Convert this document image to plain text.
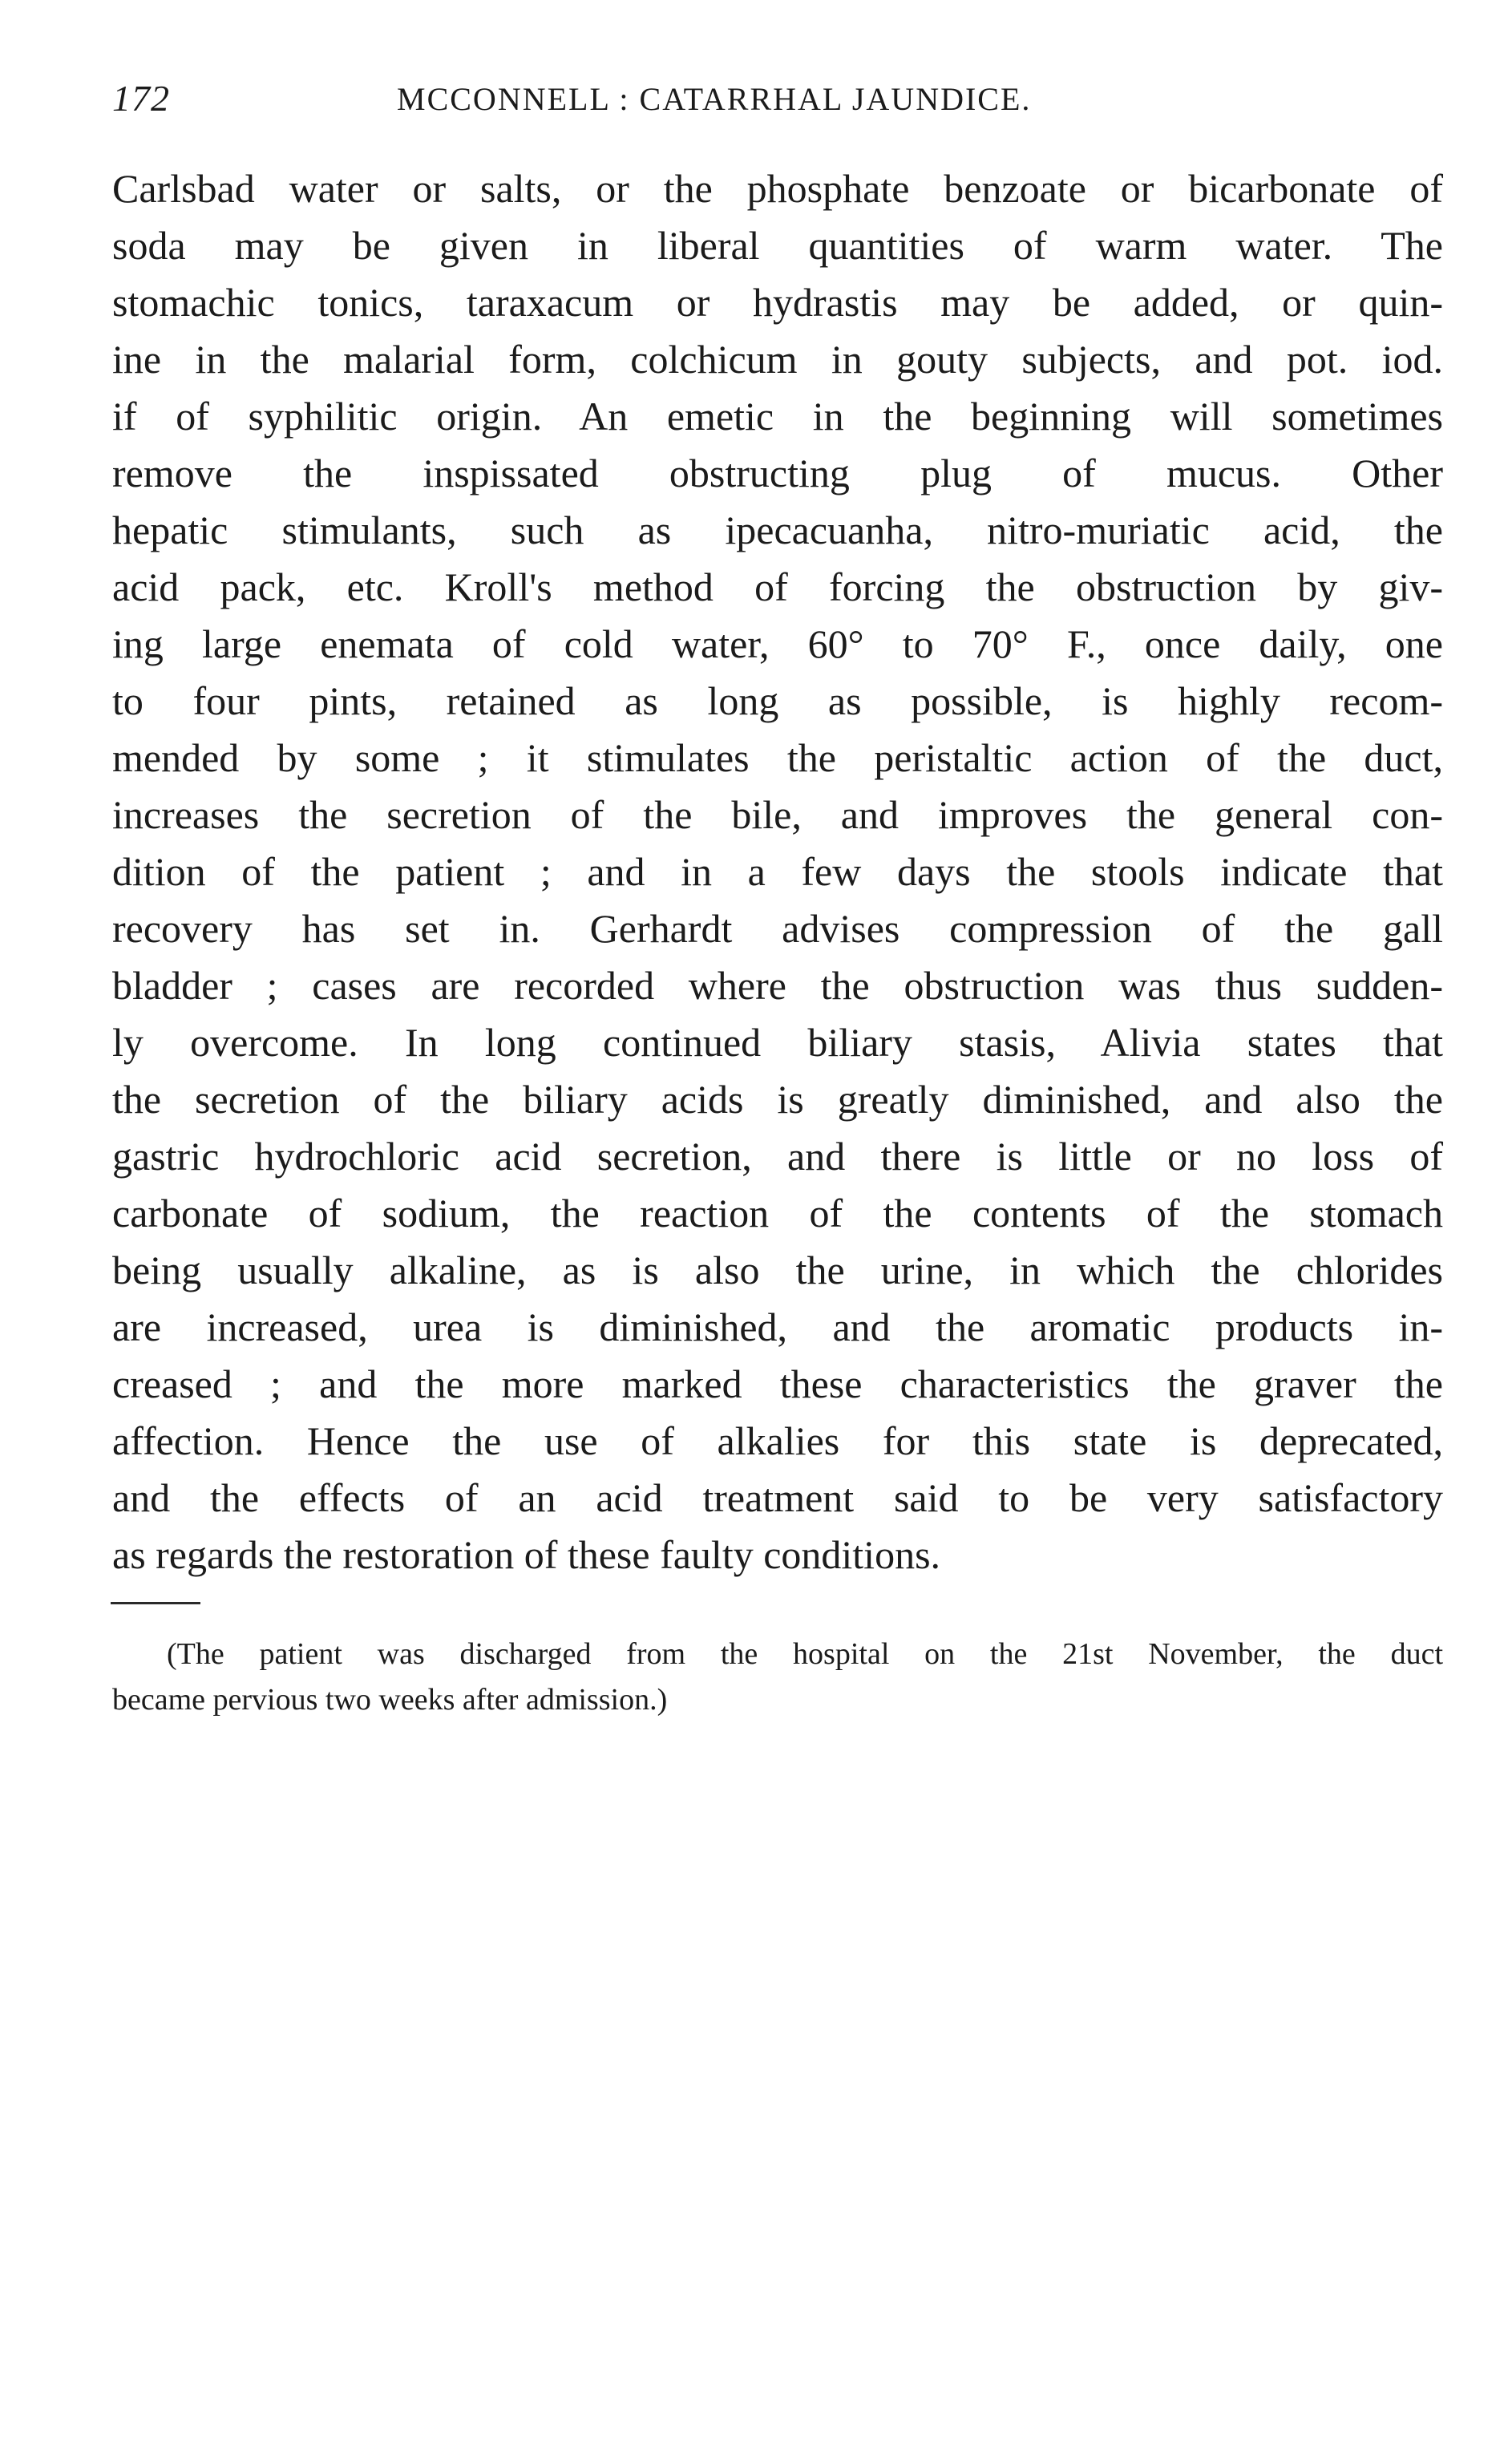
172	MCCONNELL : CATARRHAL JAUNDICE.
Carlsbad water or salts, or the phosphate benzoate or bicarbonate of
soda may be given in liberal quantities of warm water. The
stomachic tonics, taraxacum or hydrastis may be added, or quin-
ine in the malarial form, colchicum in gouty subjects, and pot. iod.
if of syphilitic origin. An emetic in the beginning will sometimes
remove the inspissated obstructing plug of mucus. Other
hepatic stimulants, such as ipecacuanha, nitro-muriatic acid, the
acid pack, etc. Kroll's method of forcing the obstruction by giv-
ing large enemata of cold water, 60° to 70° F., once daily, one
to four pints, retained as long as possible, is highly recom-
mended by some ; it stimulates the peristaltic action of the duct,
increases the secretion of the bile, and improves the general con-
dition of the patient ; and in a few days the stools indicate that
recovery has set in. Gerhardt advises compression of the gall
bladder ; cases are recorded where the obstruction was thus sudden-
ly overcome. In long continued biliary stasis, Alivia states that
the secretion of the biliary acids is greatly diminished, and also the
gastric hydrochloric acid secretion, and there is little or no loss of
carbonate of sodium, the reaction of the contents of the stomach
being usually alkaline, as is also the urine, in which the chlorides
are increased, urea is diminished, and the aromatic products in-
creased ; and the more marked these characteristics the graver the
affection. Hence the use of alkalies for this state is deprecated,
and the effects of an acid treatment said to be very satisfactory
as regards the restoration of these faulty conditions.
(The patient was discharged from the hospital on the 21st November, the duct
became pervious two weeks after admission.)
